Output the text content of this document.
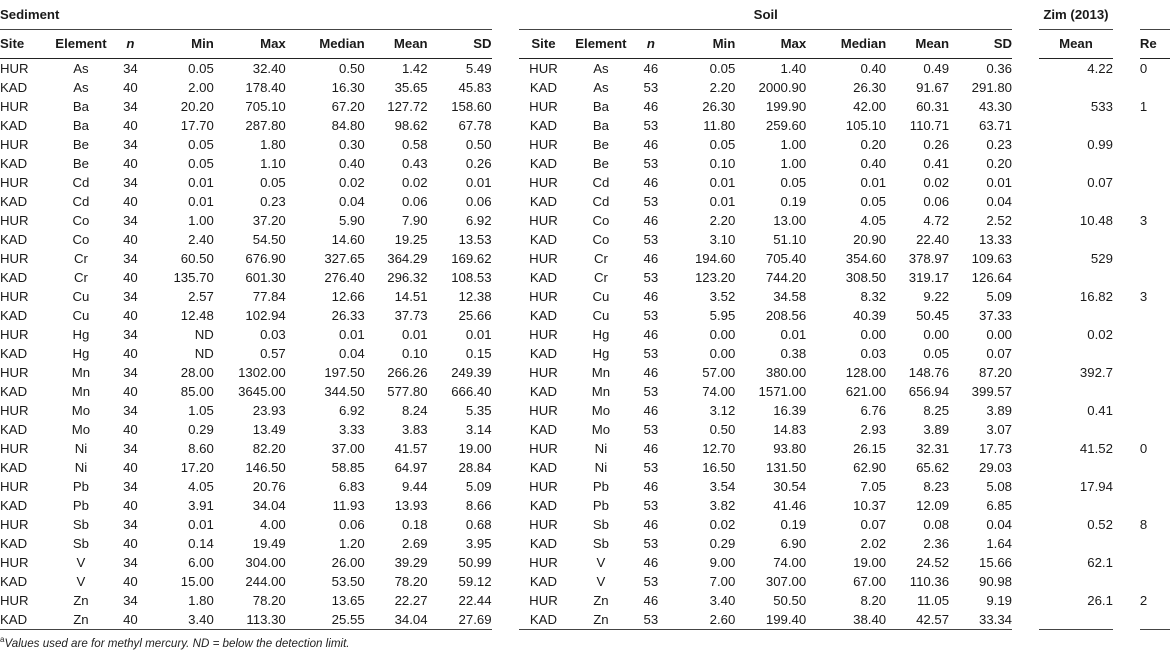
Sediment									Soil									Zim (2013)		
Site	Element	n	Min	Max	Median	Mean	SD		Site	Element	n	Min	Max	Median	Mean	SD		Mean		Re
HUR	As	34	0.05	32.40	0.50	1.42	5.49		HUR	As	46	0.05	1.40	0.40	0.49	0.36		4.22		0
KAD	As	40	2.00	178.40	16.30	35.65	45.83		KAD	As	53	2.20	2000.90	26.30	91.67	291.80				
HUR	Ba	34	20.20	705.10	67.20	127.72	158.60		HUR	Ba	46	26.30	199.90	42.00	60.31	43.30		533		1
KAD	Ba	40	17.70	287.80	84.80	98.62	67.78		KAD	Ba	53	11.80	259.60	105.10	110.71	63.71				
HUR	Be	34	0.05	1.80	0.30	0.58	0.50		HUR	Be	46	0.05	1.00	0.20	0.26	0.23		0.99		
KAD	Be	40	0.05	1.10	0.40	0.43	0.26		KAD	Be	53	0.10	1.00	0.40	0.41	0.20				
HUR	Cd	34	0.01	0.05	0.02	0.02	0.01		HUR	Cd	46	0.01	0.05	0.01	0.02	0.01		0.07		
KAD	Cd	40	0.01	0.23	0.04	0.06	0.06		KAD	Cd	53	0.01	0.19	0.05	0.06	0.04				
HUR	Co	34	1.00	37.20	5.90	7.90	6.92		HUR	Co	46	2.20	13.00	4.05	4.72	2.52		10.48		3
KAD	Co	40	2.40	54.50	14.60	19.25	13.53		KAD	Co	53	3.10	51.10	20.90	22.40	13.33				
HUR	Cr	34	60.50	676.90	327.65	364.29	169.62		HUR	Cr	46	194.60	705.40	354.60	378.97	109.63		529		
KAD	Cr	40	135.70	601.30	276.40	296.32	108.53		KAD	Cr	53	123.20	744.20	308.50	319.17	126.64				
HUR	Cu	34	2.57	77.84	12.66	14.51	12.38		HUR	Cu	46	3.52	34.58	8.32	9.22	5.09		16.82		3
KAD	Cu	40	12.48	102.94	26.33	37.73	25.66		KAD	Cu	53	5.95	208.56	40.39	50.45	37.33				
HUR	Hg	34	ND	0.03	0.01	0.01	0.01		HUR	Hg	46	0.00	0.01	0.00	0.00	0.00		0.02		
KAD	Hg	40	ND	0.57	0.04	0.10	0.15		KAD	Hg	53	0.00	0.38	0.03	0.05	0.07				
HUR	Mn	34	28.00	1302.00	197.50	266.26	249.39		HUR	Mn	46	57.00	380.00	128.00	148.76	87.20		392.7		
KAD	Mn	40	85.00	3645.00	344.50	577.80	666.40		KAD	Mn	53	74.00	1571.00	621.00	656.94	399.57				
HUR	Mo	34	1.05	23.93	6.92	8.24	5.35		HUR	Mo	46	3.12	16.39	6.76	8.25	3.89		0.41		
KAD	Mo	40	0.29	13.49	3.33	3.83	3.14		KAD	Mo	53	0.50	14.83	2.93	3.89	3.07				
HUR	Ni	34	8.60	82.20	37.00	41.57	19.00		HUR	Ni	46	12.70	93.80	26.15	32.31	17.73		41.52		0
KAD	Ni	40	17.20	146.50	58.85	64.97	28.84		KAD	Ni	53	16.50	131.50	62.90	65.62	29.03				
HUR	Pb	34	4.05	20.76	6.83	9.44	5.09		HUR	Pb	46	3.54	30.54	7.05	8.23	5.08		17.94		
KAD	Pb	40	3.91	34.04	11.93	13.93	8.66		KAD	Pb	53	3.82	41.46	10.37	12.09	6.85				
HUR	Sb	34	0.01	4.00	0.06	0.18	0.68		HUR	Sb	46	0.02	0.19	0.07	0.08	0.04		0.52		8
KAD	Sb	40	0.14	19.49	1.20	2.69	3.95		KAD	Sb	53	0.29	6.90	2.02	2.36	1.64				
HUR	V	34	6.00	304.00	26.00	39.29	50.99		HUR	V	46	9.00	74.00	19.00	24.52	15.66		62.1		
KAD	V	40	15.00	244.00	53.50	78.20	59.12		KAD	V	53	7.00	307.00	67.00	110.36	90.98				
HUR	Zn	34	1.80	78.20	13.65	22.27	22.44		HUR	Zn	46	3.40	50.50	8.20	11.05	9.19		26.1		2
KAD	Zn	40	3.40	113.30	25.55	34.04	27.69		KAD	Zn	53	2.60	199.40	38.40	42.57	33.34				
$^a$Values used are for methyl mercury. ND = below the detection limit.
